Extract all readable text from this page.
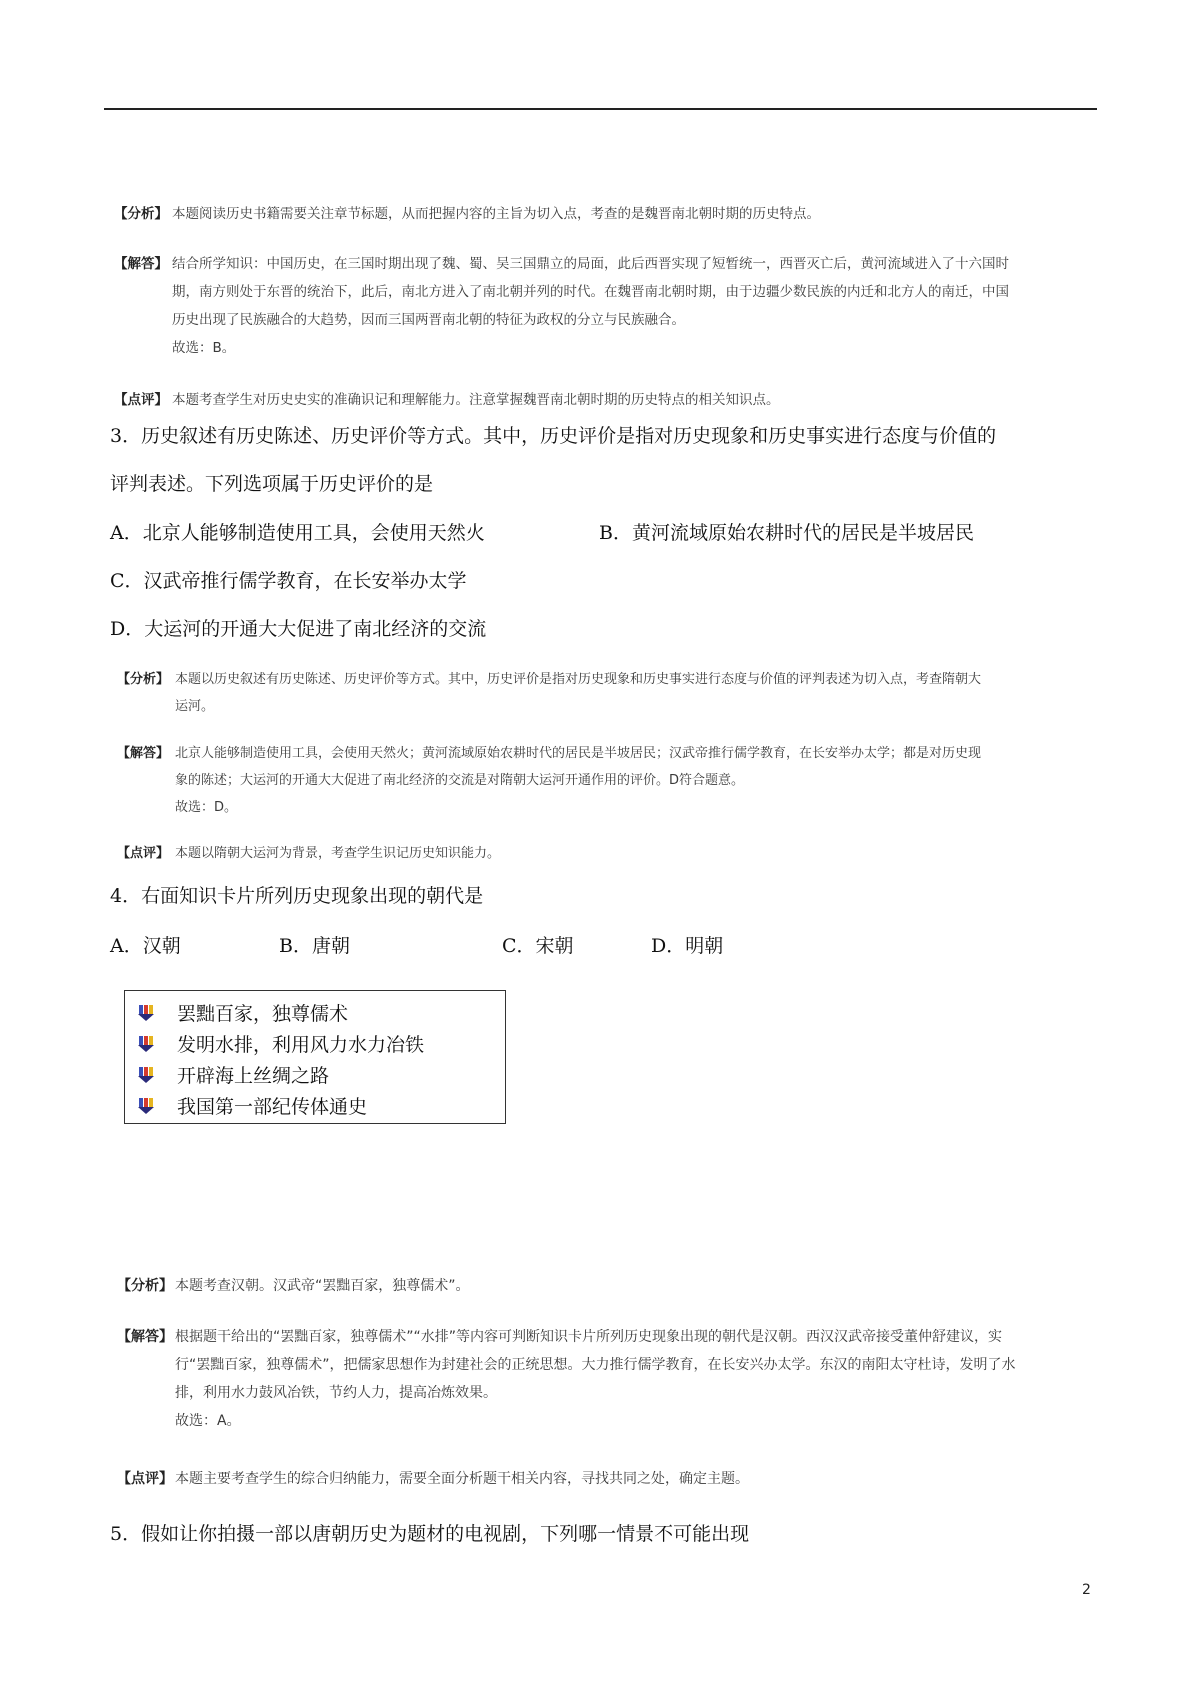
【分析】 本题阅读历史书籍需要关注章节标题，从而把握内容的主旨为切入点，考查的是魏晋南北朝时期的历史特点。
【解答】 结合所学知识：中国历史，在三国时期出现了魏、蜀、吴三国鼎立的局面，此后西晋实现了短暂统一，西晋灭亡后，黄河流域进入了十六国时
期，南方则处于东晋的统治下，此后，南北方进入了南北朝并列的时代。在魏晋南北朝时期，由于边疆少数民族的内迁和北方人的南迁，中国
历史出现了民族融合的大趋势，因而三国两晋南北朝的特征为政权的分立与民族融合。
故选：B。
【点评】 本题考查学生对历史史实的准确识记和理解能力。注意掌握魏晋南北朝时期的历史特点的相关知识点。
3．历史叙述有历史陈述、历史评价等方式。其中，历史评价是指对历史现象和历史事实进行态度与价值的
评判表述。下列选项属于历史评价的是
A．北京人能够制造使用工具，会使用天然火	B．黄河流域原始农耕时代的居民是半坡居民
C．汉武帝推行儒学教育，在长安举办太学
D．大运河的开通大大促进了南北经济的交流
【分析】 本题以历史叙述有历史陈述、历史评价等方式。其中，历史评价是指对历史现象和历史事实进行态度与价值的评判表述为切入点，考查隋朝大
运河。
【解答】 北京人能够制造使用工具，会使用天然火；黄河流域原始农耕时代的居民是半坡居民；汉武帝推行儒学教育，在长安举办太学；都是对历史现
象的陈述；大运河的开通大大促进了南北经济的交流是对隋朝大运河开通作用的评价。D符合题意。
故选：D。
【点评】 本题以隋朝大运河为背景，考查学生识记历史知识能力。
4．右面知识卡片所列历史现象出现的朝代是
A．汉朝	B．唐朝	C．宋朝	D．明朝
罢黜百家，独尊儒术
发明水排，利用风力水力冶铁
开辟海上丝绸之路
我国第一部纪传体通史
【分析】 本题考查汉朝。汉武帝“罢黜百家，独尊儒术”。
【解答】 根据题干给出的“罢黜百家，独尊儒术”“水排”等内容可判断知识卡片所列历史现象出现的朝代是汉朝。西汉汉武帝接受董仲舒建议，实
行“罢黜百家，独尊儒术”，把儒家思想作为封建社会的正统思想。大力推行儒学教育，在长安兴办太学。东汉的南阳太守杜诗，发明了水
排，利用水力鼓风冶铁，节约人力，提高冶炼效果。
故选：A。
【点评】 本题主要考查学生的综合归纳能力，需要全面分析题干相关内容，寻找共同之处，确定主题。
5．假如让你拍摄一部以唐朝历史为题材的电视剧，下列哪一情景不可能出现
2
